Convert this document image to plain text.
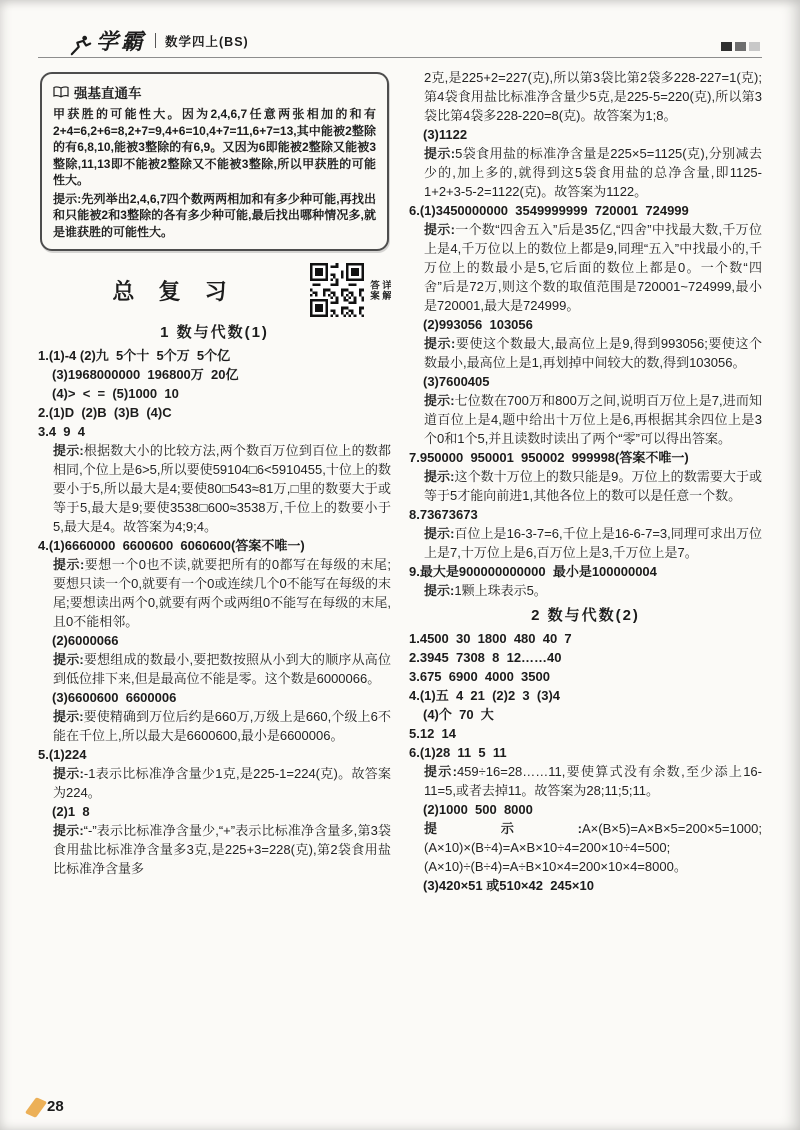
学霸 数学四上(BS)
强基直通车

甲获胜的可能性大。因为2,4,6,7任意两张相加的和有2+4=6,2+6=8,2+7=9,4+6=10,4+7=11,6+7=13,其中能被2整除的有6,8,10,能被3整除的有6,9。又因为6即能被2整除又能被3整除,11,13即不能被2整除又不能被3整除,所以甲获胜的可能性大。

提示:先列举出2,4,6,7四个数两两相加和有多少种可能,再找出和只能被2和3整除的各有多少种可能,最后找出哪种情况多,就是谁获胜的可能性大。

总 复 习	答案 详解

1 数与代数(1)

1.(1)-4 (2)九  5个十  5个万  5个亿

(3)1968000000  196800万  20亿

(4)>  <  =  (5)1000  10

2.(1)D  (2)B  (3)B  (4)C

3.4  9  4

提示:根据数大小的比较方法,两个数百万位到百位上的数都相同,个位上是6>5,所以要使59104□6<5910455,十位上的数要小于5,所以最大是4;要使80□543≈81万,□里的数要大于或等于5,最大是9;要使3538□600≈3538万,千位上的数要小于5,最大是4。故答案为4;9;4。

4.(1)6660000  6600600  6060600(答案不唯一)

提示:要想一个0也不读,就要把所有的0都写在每级的末尾;要想只读一个0,就要有一个0或连续几个0不能写在每级的末尾;要想读出两个0,就要有两个或两组0不能写在每级的末尾,且0不能相邻。

(2)6000066

提示:要想组成的数最小,要把数按照从小到大的顺序从高位到低位排下来,但是最高位不能是零。这个数是6000066。

(3)6600600  6600006

提示:要使精确到万位后约是660万,万级上是660,个级上6不能在千位上,所以最大是6600600,最小是6600006。

5.(1)224

提示:-1表示比标准净含量少1克,是225-1=224(克)。故答案为224。

(2)1  8

提示:“-”表示比标准净含量少,“+”表示比标准净含量多,第3袋食用盐比标准净含量多3克,是225+3=228(克),第2袋食用盐比标准净含量多

2克,是225+2=227(克),所以第3袋比第2袋多228-227=1(克);第4袋食用盐比标准净含量少5克,是225-5=220(克),所以第3袋比第4袋多228-220=8(克)。故答案为1;8。

(3)1122

提示:5袋食用盐的标准净含量是225×5=1125(克),分别减去少的,加上多的,就得到这5袋食用盐的总净含量,即1125-1+2+3-5-2=1122(克)。故答案为1122。

6.(1)3450000000  3549999999  720001  724999

提示:一个数“四舍五入”后是35亿,“四舍”中找最大数,千万位上是4,千万位以上的数位上都是9,同理“五入”中找最小的,千万位上的数最小是5,它后面的数位上都是0。一个数“四舍”后是72万,则这个数的取值范围是720001~724999,最小是720001,最大是724999。

(2)993056  103056

提示:要使这个数最大,最高位上是9,得到993056;要使这个数最小,最高位上是1,再划掉中间较大的数,得到103056。

(3)7600405

提示:七位数在700万和800万之间,说明百万位上是7,进而知道百位上是4,题中给出十万位上是6,再根据其余四位上是3个0和1个5,并且读数时读出了两个“零”可以得出答案。

7.950000  950001  950002  999998(答案不唯一)

提示:这个数十万位上的数只能是9。万位上的数需要大于或等于5才能向前进1,其他各位上的数可以是任意一个数。

8.73673673

提示:百位上是16-3-7=6,千位上是16-6-7=3,同理可求出万位上是7,十万位上是6,百万位上是3,千万位上是7。

9.最大是900000000000  最小是100000004

提示:1颗上珠表示5。

2 数与代数(2)

1.4500  30  1800  480  40  7

2.3945  7308  8  12……40

3.675  6900  4000  3500

4.(1)五  4  21  (2)2  3  (3)4

(4)个  70  大

5.12  14

6.(1)28  11  5  11

提示:459÷16=28……11,要使算式没有余数,至少添上16-11=5,或者去掉11。故答案为28;11;5;11。

(2)1000  500  8000

提示:A×(B×5)=A×B×5=200×5=1000;(A×10)×(B÷4)=A×B×10÷4=200×10÷4=500;(A×10)÷(B÷4)=A÷B×10×4=200×10×4=8000。

(3)420×51 或510×42  245×10

28
